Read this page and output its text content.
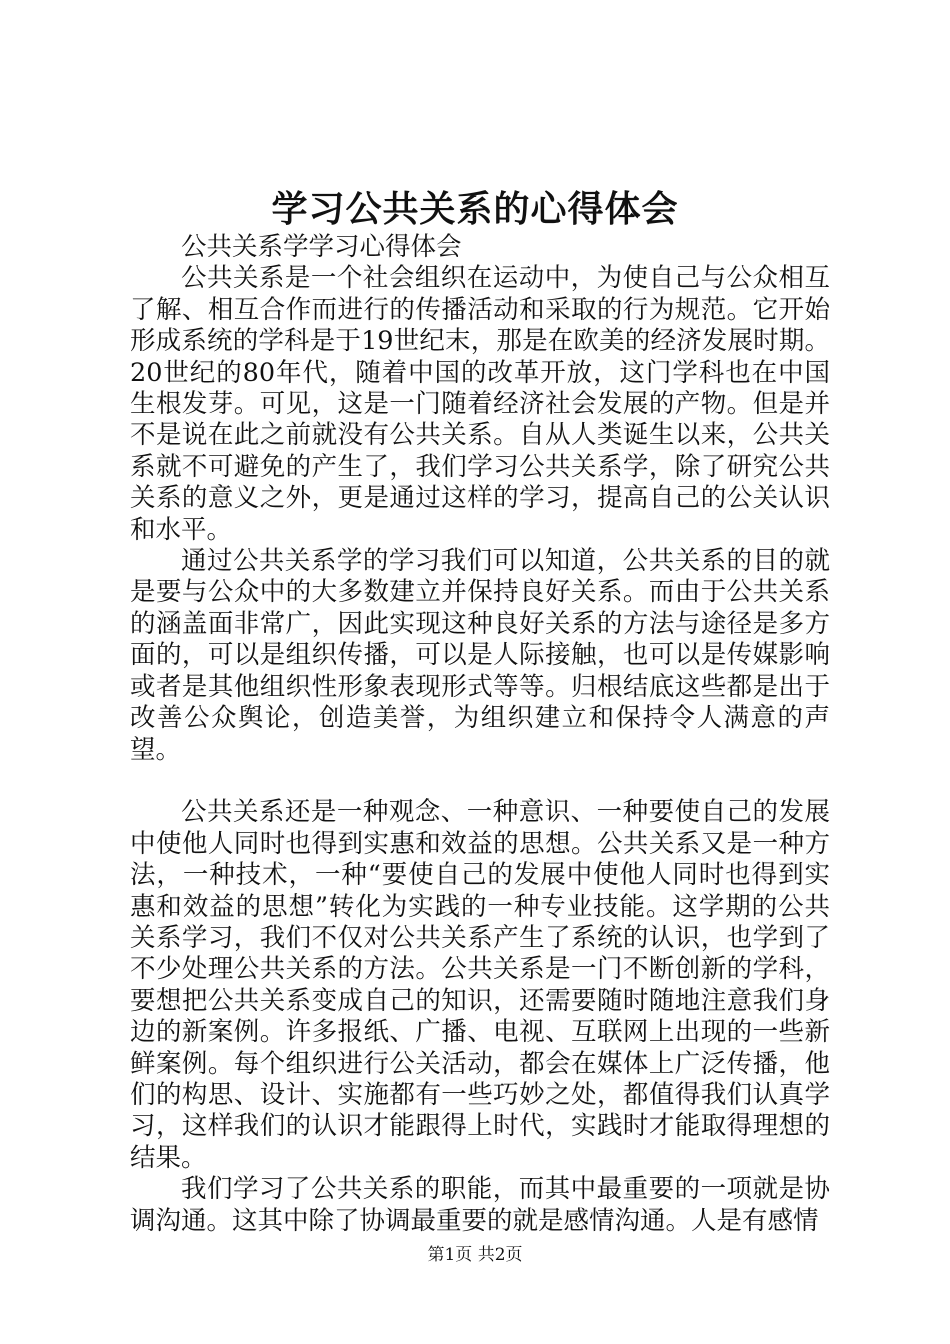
学习公共关系的心得体会

公共关系学学习心得体会

公共关系是一个社会组织在运动中，为使自己与公众相互了解、相互合作而进行的传播活动和采取的行为规范。它开始形成系统的学科是于19世纪末，那是在欧美的经济发展时期。20世纪的80年代，随着中国的改革开放，这门学科也在中国生根发芽。可见，这是一门随着经济社会发展的产物。但是并不是说在此之前就没有公共关系。自从人类诞生以来，公共关系就不可避免的产生了，我们学习公共关系学，除了研究公共关系的意义之外，更是通过这样的学习，提高自己的公关认识和水平。

通过公共关系学的学习我们可以知道，公共关系的目的就是要与公众中的大多数建立并保持良好关系。而由于公共关系的涵盖面非常广，因此实现这种良好关系的方法与途径是多方面的，可以是组织传播，可以是人际接触，也可以是传媒影响或者是其他组织性形象表现形式等等。归根结底这些都是出于改善公众舆论，创造美誉，为组织建立和保持令人满意的声望。

公共关系还是一种观念、一种意识、一种要使自己的发展中使他人同时也得到实惠和效益的思想。公共关系又是一种方法，一种技术，一种“要使自己的发展中使他人同时也得到实惠和效益的思想”转化为实践的一种专业技能。这学期的公共关系学习，我们不仅对公共关系产生了系统的认识，也学到了不少处理公共关系的方法。公共关系是一门不断创新的学科，要想把公共关系变成自己的知识，还需要随时随地注意我们身边的新案例。许多报纸、广播、电视、互联网上出现的一些新鲜案例。每个组织进行公关活动，都会在媒体上广泛传播，他们的构思、设计、实施都有一些巧妙之处，都值得我们认真学习，这样我们的认识才能跟得上时代，实践时才能取得理想的结果。

我们学习了公共关系的职能，而其中最重要的一项就是协调沟通。这其中除了协调最重要的就是感情沟通。人是有感情

第1页 共2页
